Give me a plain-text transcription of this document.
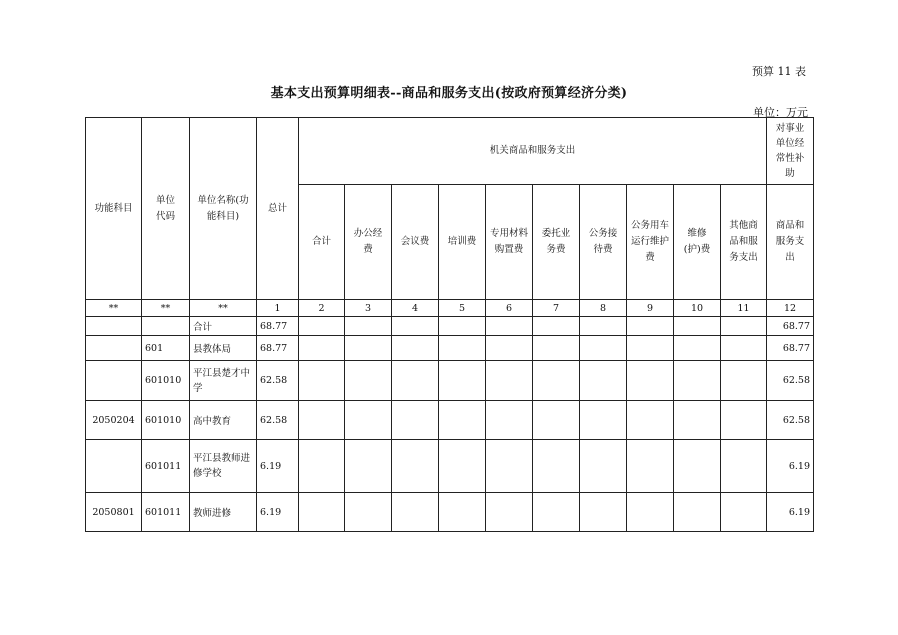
预算 11 表
基本支出预算明细表--商品和服务支出(按政府预算经济分类)
单位：万元
功能科目	单位代码	单位名称(功能科目)	总计	机关商品和服务支出										对事业单位经常性补助
				合计	办公经费	会议费	培训费	专用材料购置费	委托业务费	公务接待费	公务用车运行维护费	维修(护)费	其他商品和服务支出	商品和服务支出
**	**	**	1	2	3	4	5	6	7	8	9	10	11	12
		合计	68.77											68.77
	601	县教体局	68.77											68.77
	601010	平江县楚才中学	62.58											62.58
2050204	601010	高中教育	62.58											62.58
	601011	平江县教师进修学校	6.19											6.19
2050801	601011	教师进修	6.19											6.19
